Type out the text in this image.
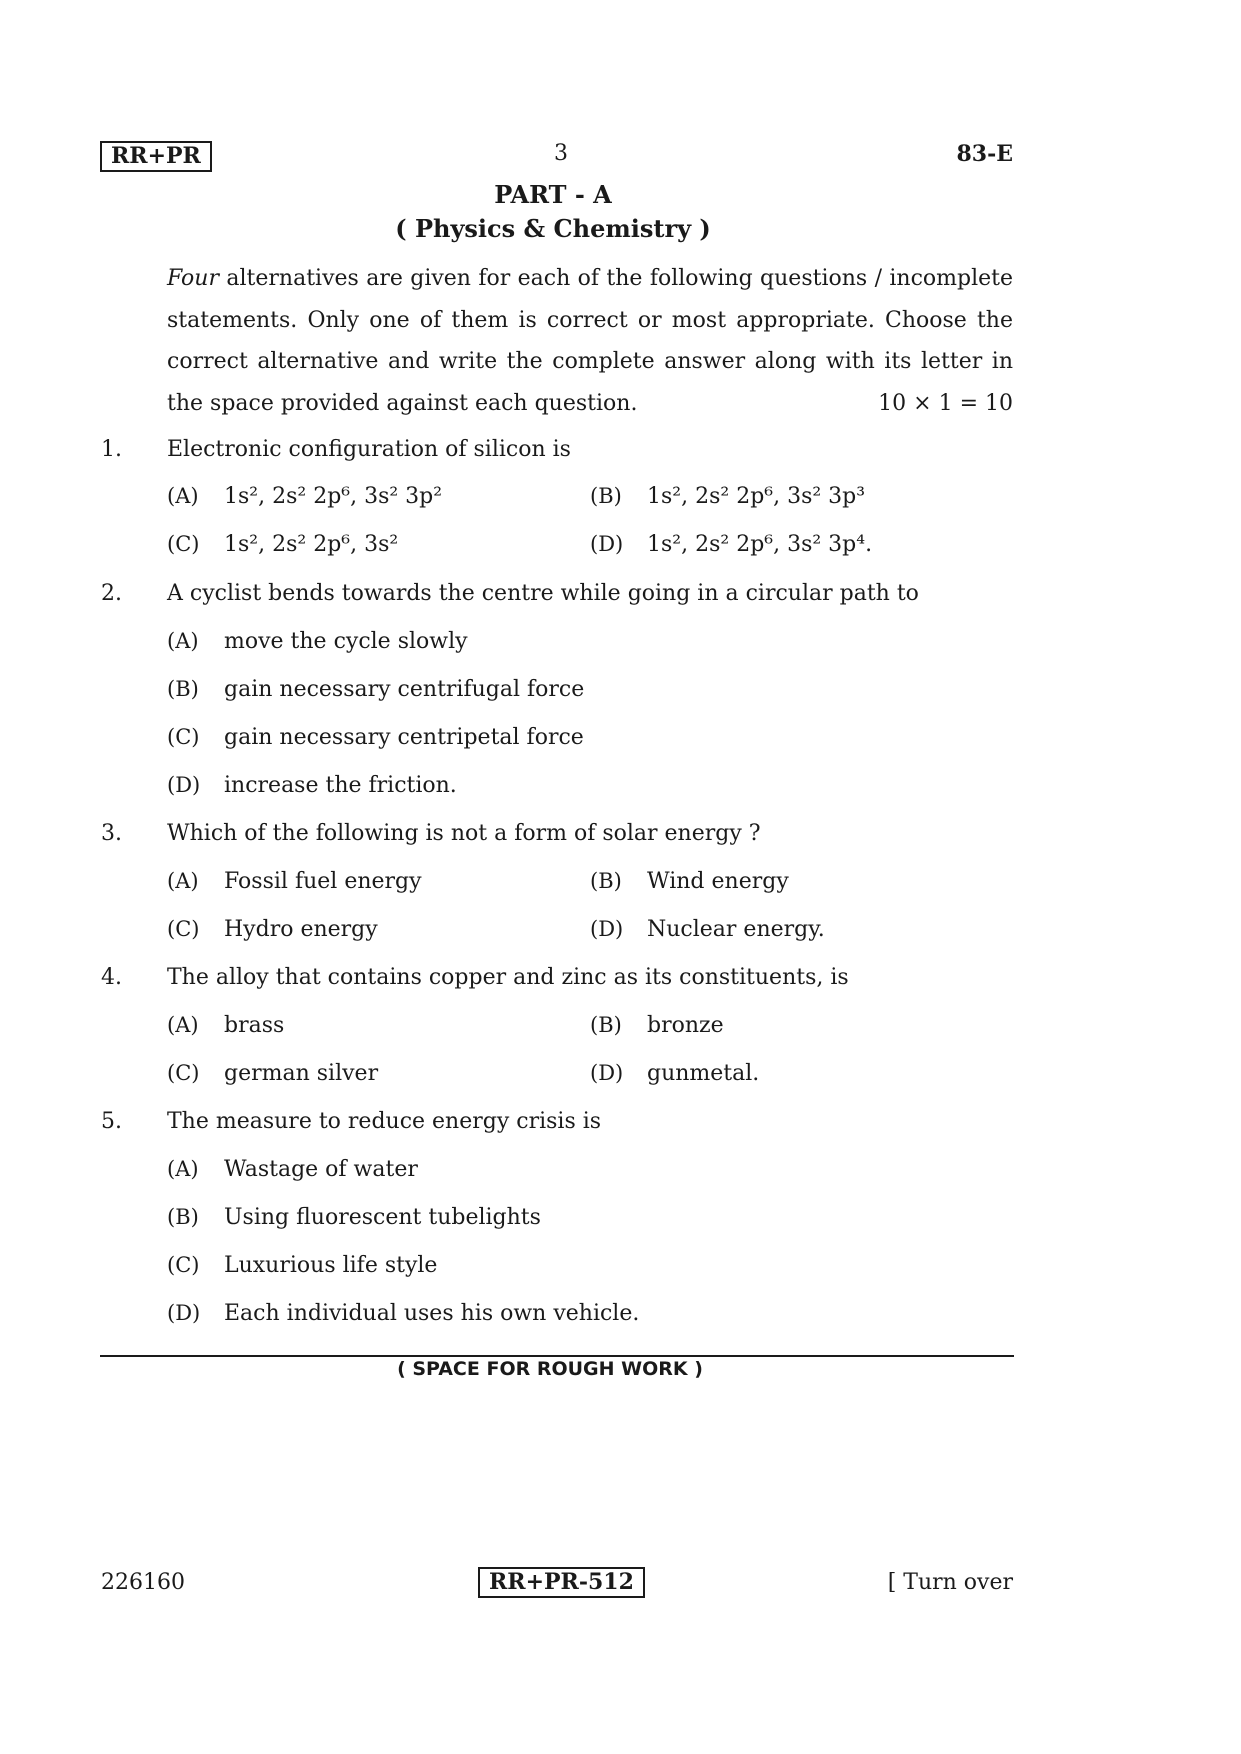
RR+PR	3	83-E
PART - A
( Physics & Chemistry )

Four alternatives are given for each of the following questions / incomplete statements. Only one of them is correct or most appropriate. Choose the correct alternative and write the complete answer along with its letter in the space provided against each question.	10 × 1 = 10

1. Electronic configuration of silicon is
(A) 1s², 2s² 2p⁶, 3s² 3p²	(B) 1s², 2s² 2p⁶, 3s² 3p³
(C) 1s², 2s² 2p⁶, 3s²	(D) 1s², 2s² 2p⁶, 3s² 3p⁴.
2. A cyclist bends towards the centre while going in a circular path to
(A) move the cycle slowly
(B) gain necessary centrifugal force
(C) gain necessary centripetal force
(D) increase the friction.
3. Which of the following is not a form of solar energy ?
(A) Fossil fuel energy	(B) Wind energy
(C) Hydro energy	(D) Nuclear energy.
4. The alloy that contains copper and zinc as its constituents, is
(A) brass	(B) bronze
(C) german silver	(D) gunmetal.
5. The measure to reduce energy crisis is
(A) Wastage of water
(B) Using fluorescent tubelights
(C) Luxurious life style
(D) Each individual uses his own vehicle.
( SPACE FOR ROUGH WORK )
226160	RR+PR-512	[ Turn over
